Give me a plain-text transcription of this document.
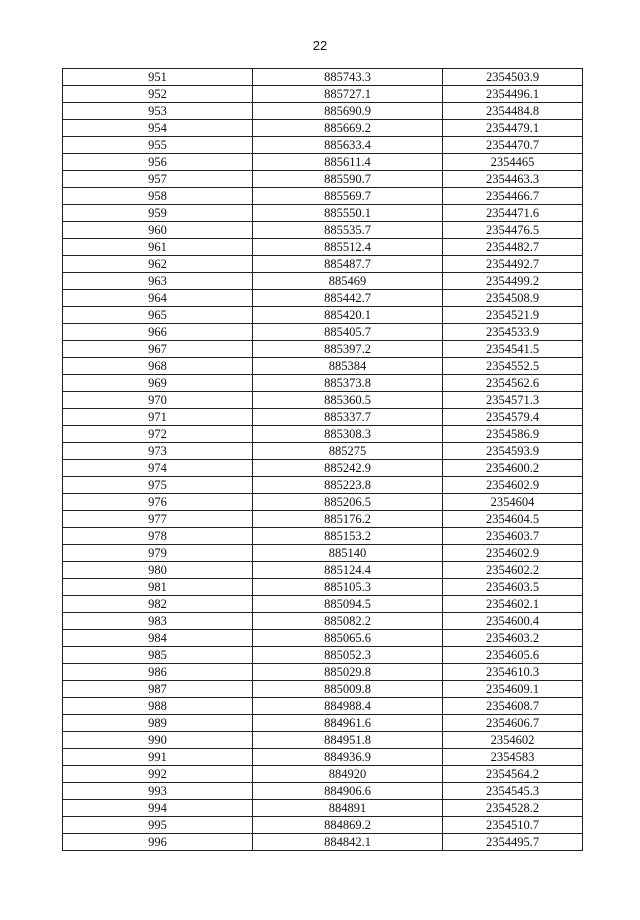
22
951	885743.3	2354503.9
952	885727.1	2354496.1
953	885690.9	2354484.8
954	885669.2	2354479.1
955	885633.4	2354470.7
956	885611.4	2354465
957	885590.7	2354463.3
958	885569.7	2354466.7
959	885550.1	2354471.6
960	885535.7	2354476.5
961	885512.4	2354482.7
962	885487.7	2354492.7
963	885469	2354499.2
964	885442.7	2354508.9
965	885420.1	2354521.9
966	885405.7	2354533.9
967	885397.2	2354541.5
968	885384	2354552.5
969	885373.8	2354562.6
970	885360.5	2354571.3
971	885337.7	2354579.4
972	885308.3	2354586.9
973	885275	2354593.9
974	885242.9	2354600.2
975	885223.8	2354602.9
976	885206.5	2354604
977	885176.2	2354604.5
978	885153.2	2354603.7
979	885140	2354602.9
980	885124.4	2354602.2
981	885105.3	2354603.5
982	885094.5	2354602.1
983	885082.2	2354600.4
984	885065.6	2354603.2
985	885052.3	2354605.6
986	885029.8	2354610.3
987	885009.8	2354609.1
988	884988.4	2354608.7
989	884961.6	2354606.7
990	884951.8	2354602
991	884936.9	2354583
992	884920	2354564.2
993	884906.6	2354545.3
994	884891	2354528.2
995	884869.2	2354510.7
996	884842.1	2354495.7
